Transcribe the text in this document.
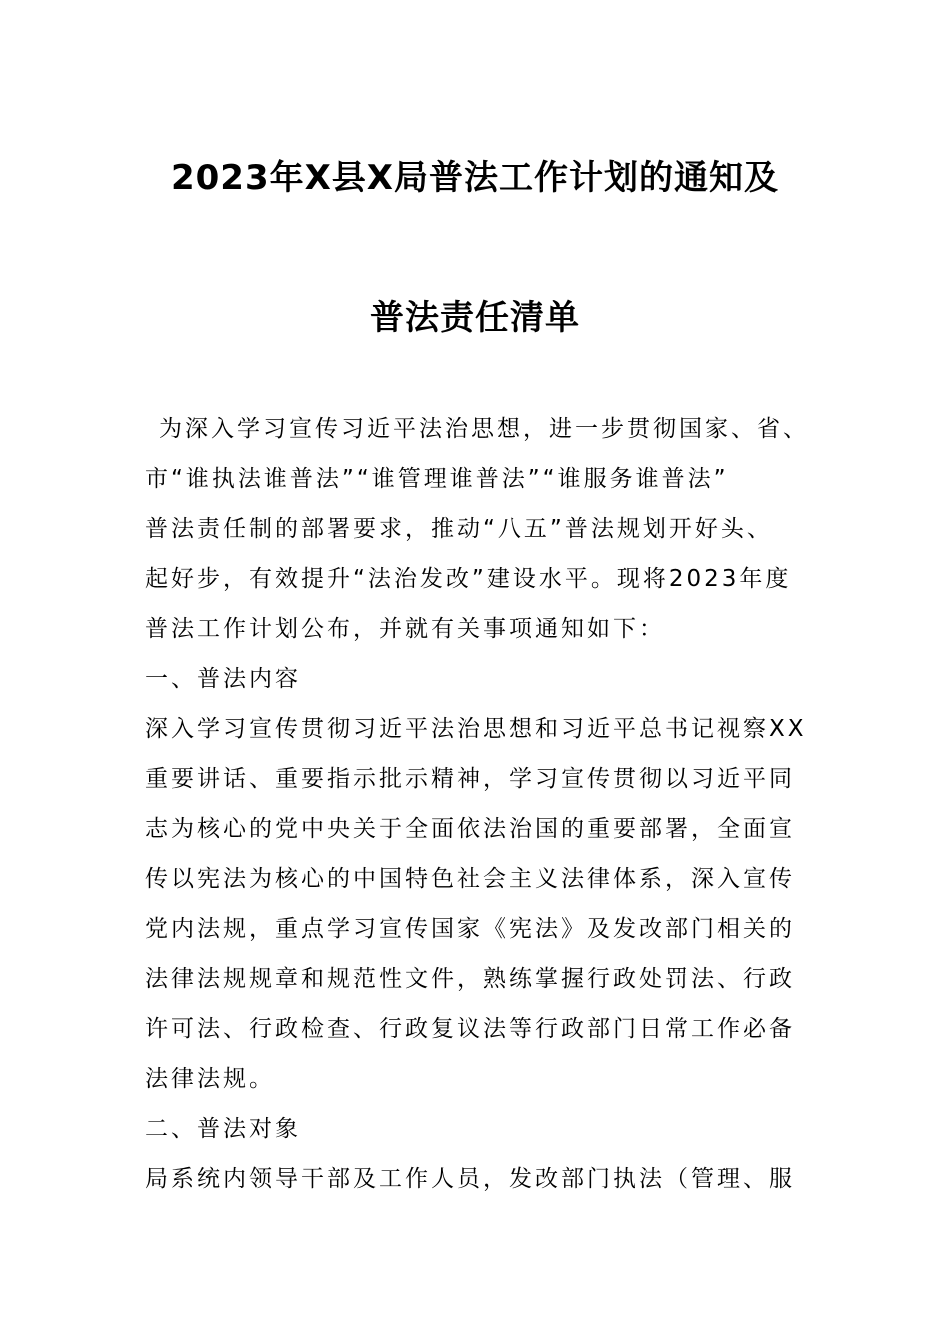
2023年X县X局普法工作计划的通知及
普法责任清单
为深入学习宣传习近平法治思想，进一步贯彻国家、省、
市“谁执法谁普法”“谁管理谁普法”“谁服务谁普法”
普法责任制的部署要求，推动“八五”普法规划开好头、
起好步，有效提升“法治发改”建设水平。现将2023年度
普法工作计划公布，并就有关事项通知如下：
一、普法内容
深入学习宣传贯彻习近平法治思想和习近平总书记视察XX
重要讲话、重要指示批示精神，学习宣传贯彻以习近平同
志为核心的党中央关于全面依法治国的重要部署，全面宣
传以宪法为核心的中国特色社会主义法律体系，深入宣传
党内法规，重点学习宣传国家《宪法》及发改部门相关的
法律法规规章和规范性文件，熟练掌握行政处罚法、行政
许可法、行政检查、行政复议法等行政部门日常工作必备
法律法规。
二、普法对象
局系统内领导干部及工作人员，发改部门执法（管理、服
